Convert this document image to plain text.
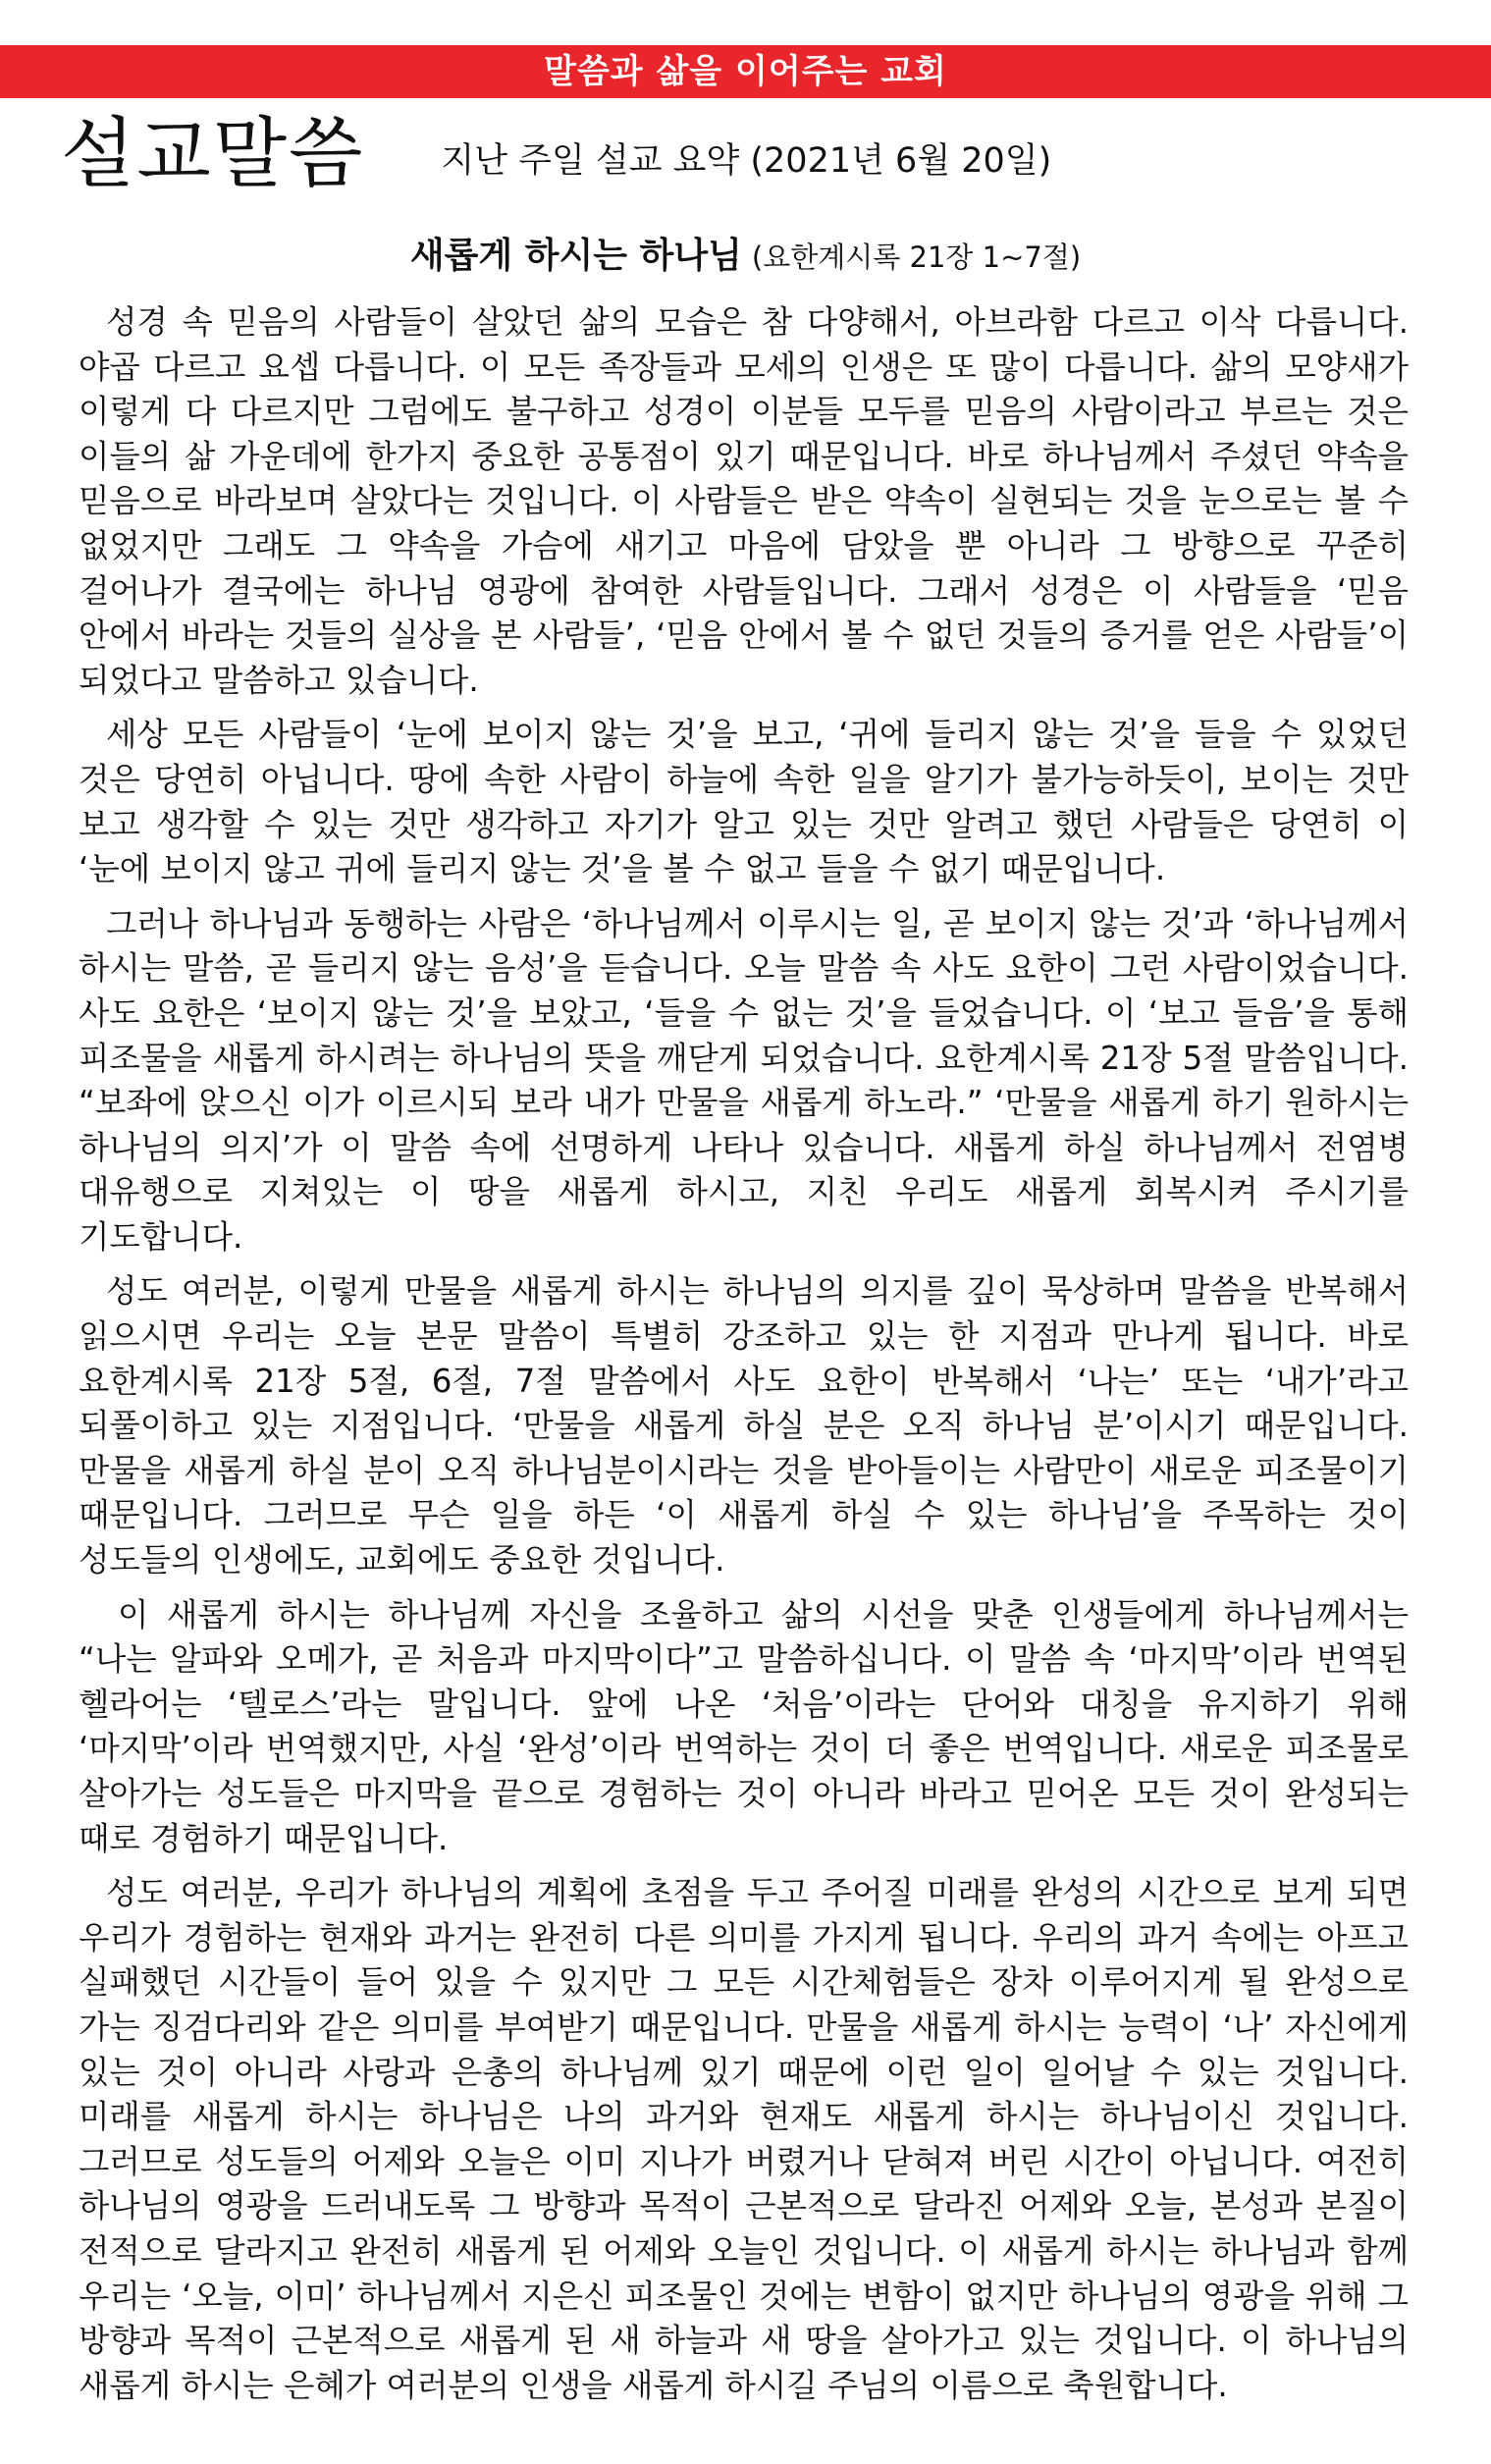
말씀과 삶을 이어주는 교회
설교말씀 지난 주일 설교 요약 (2021년 6월 20일)
새롭게 하시는 하나님 (요한계시록 21장 1~7절)

성경 속 믿음의 사람들이 살았던 삶의 모습은 참 다양해서, 아브라함 다르고 이삭 다릅니다. 야곱 다르고 요셉 다릅니다. 이 모든 족장들과 모세의 인생은 또 많이 다릅니다. 삶의 모양새가 이렇게 다 다르지만 그럼에도 불구하고 성경이 이분들 모두를 믿음의 사람이라고 부르는 것은 이들의 삶 가운데에 한가지 중요한 공통점이 있기 때문입니다. 바로 하나님께서 주셨던 약속을 믿음으로 바라보며 살았다는 것입니다. 이 사람들은 받은 약속이 실현되는 것을 눈으로는 볼 수 없었지만 그래도 그 약속을 가슴에 새기고 마음에 담았을 뿐 아니라 그 방향으로 꾸준히 걸어나가 결국에는 하나님 영광에 참여한 사람들입니다. 그래서 성경은 이 사람들을 ‘믿음 안에서 바라는 것들의 실상을 본 사람들’, ‘믿음 안에서 볼 수 없던 것들의 증거를 얻은 사람들’이 되었다고 말씀하고 있습니다.

세상 모든 사람들이 ‘눈에 보이지 않는 것’을 보고, ‘귀에 들리지 않는 것’을 들을 수 있었던 것은 당연히 아닙니다. 땅에 속한 사람이 하늘에 속한 일을 알기가 불가능하듯이, 보이는 것만 보고 생각할 수 있는 것만 생각하고 자기가 알고 있는 것만 알려고 했던 사람들은 당연히 이 ‘눈에 보이지 않고 귀에 들리지 않는 것’을 볼 수 없고 들을 수 없기 때문입니다.

그러나 하나님과 동행하는 사람은 ‘하나님께서 이루시는 일, 곧 보이지 않는 것’과 ‘하나님께서 하시는 말씀, 곧 들리지 않는 음성’을 듣습니다. 오늘 말씀 속 사도 요한이 그런 사람이었습니다. 사도 요한은 ‘보이지 않는 것’을 보았고, ‘들을 수 없는 것’을 들었습니다. 이 ‘보고 들음’을 통해 피조물을 새롭게 하시려는 하나님의 뜻을 깨닫게 되었습니다. 요한계시록 21장 5절 말씀입니다. “보좌에 앉으신 이가 이르시되 보라 내가 만물을 새롭게 하노라.” ‘만물을 새롭게 하기 원하시는 하나님의 의지’가 이 말씀 속에 선명하게 나타나 있습니다. 새롭게 하실 하나님께서 전염병 대유행으로 지쳐있는 이 땅을 새롭게 하시고, 지친 우리도 새롭게 회복시켜 주시기를 기도합니다.

성도 여러분, 이렇게 만물을 새롭게 하시는 하나님의 의지를 깊이 묵상하며 말씀을 반복해서 읽으시면 우리는 오늘 본문 말씀이 특별히 강조하고 있는 한 지점과 만나게 됩니다. 바로 요한계시록 21장 5절, 6절, 7절 말씀에서 사도 요한이 반복해서 ‘나는’ 또는 ‘내가’라고 되풀이하고 있는 지점입니다. ‘만물을 새롭게 하실 분은 오직 하나님 분’이시기 때문입니다. 만물을 새롭게 하실 분이 오직 하나님분이시라는 것을 받아들이는 사람만이 새로운 피조물이기 때문입니다. 그러므로 무슨 일을 하든 ‘이 새롭게 하실 수 있는 하나님’을 주목하는 것이 성도들의 인생에도, 교회에도 중요한 것입니다.

이 새롭게 하시는 하나님께 자신을 조율하고 삶의 시선을 맞춘 인생들에게 하나님께서는 “나는 알파와 오메가, 곧 처음과 마지막이다”고 말씀하십니다. 이 말씀 속 ‘마지막’이라 번역된 헬라어는 ‘텔로스’라는 말입니다. 앞에 나온 ‘처음’이라는 단어와 대칭을 유지하기 위해 ‘마지막’이라 번역했지만, 사실 ‘완성’이라 번역하는 것이 더 좋은 번역입니다. 새로운 피조물로 살아가는 성도들은 마지막을 끝으로 경험하는 것이 아니라 바라고 믿어온 모든 것이 완성되는 때로 경험하기 때문입니다.

성도 여러분, 우리가 하나님의 계획에 초점을 두고 주어질 미래를 완성의 시간으로 보게 되면 우리가 경험하는 현재와 과거는 완전히 다른 의미를 가지게 됩니다. 우리의 과거 속에는 아프고 실패했던 시간들이 들어 있을 수 있지만 그 모든 시간체험들은 장차 이루어지게 될 완성으로 가는 징검다리와 같은 의미를 부여받기 때문입니다. 만물을 새롭게 하시는 능력이 ‘나’ 자신에게 있는 것이 아니라 사랑과 은총의 하나님께 있기 때문에 이런 일이 일어날 수 있는 것입니다. 미래를 새롭게 하시는 하나님은 나의 과거와 현재도 새롭게 하시는 하나님이신 것입니다. 그러므로 성도들의 어제와 오늘은 이미 지나가 버렸거나 닫혀져 버린 시간이 아닙니다. 여전히 하나님의 영광을 드러내도록 그 방향과 목적이 근본적으로 달라진 어제와 오늘, 본성과 본질이 전적으로 달라지고 완전히 새롭게 된 어제와 오늘인 것입니다. 이 새롭게 하시는 하나님과 함께 우리는 ‘오늘, 이미’ 하나님께서 지은신 피조물인 것에는 변함이 없지만 하나님의 영광을 위해 그 방향과 목적이 근본적으로 새롭게 된 새 하늘과 새 땅을 살아가고 있는 것입니다. 이 하나님의 새롭게 하시는 은혜가 여러분의 인생을 새롭게 하시길 주님의 이름으로 축원합니다.
